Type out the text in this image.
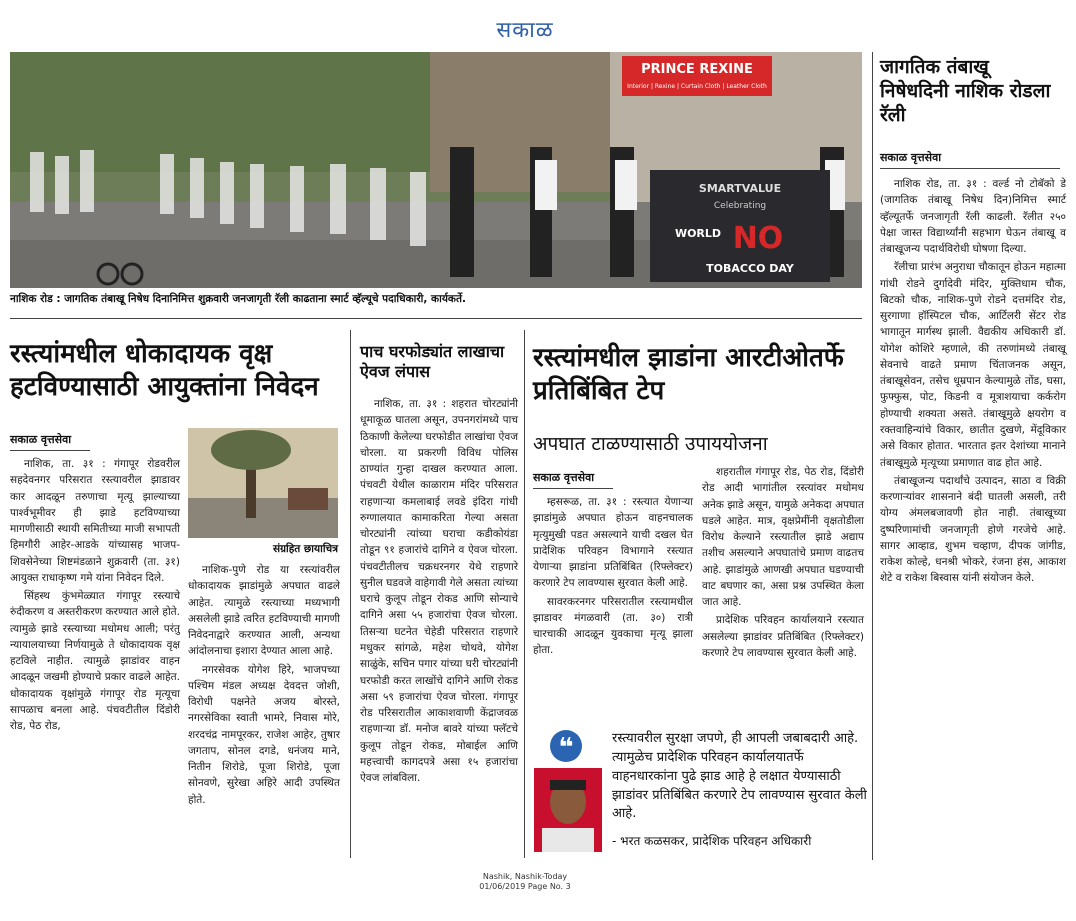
सकाळ
PRINCE REXINE
Interior | Rexine | Curtain Cloth | Leather Cloth
SMARTVALUE
Celebrating
WORLD NO
TOBACCO DAY
नाशिक रोड : जागतिक तंबाखू निषेध दिनानिमित्त शुक्रवारी जनजागृती रॅली काढताना स्मार्ट व्हॅल्यूचे पदाधिकारी, कार्यकर्ते.
रस्त्यांमधील धोकादायक वृक्ष हटविण्यासाठी आयुक्तांना निवेदन
सकाळ वृत्तसेवा

नाशिक, ता. ३१ : गंगापूर रोडवरील सहदेवनगर परिसरात रस्त्यावरील झाडावर कार आदळून तरुणाचा मृत्यू झाल्याच्या पार्श्वभूमीवर ही झाडे हटविण्याच्या मागणीसाठी स्थायी समितीच्या माजी सभापती हिमगौरी आहेर-आडके यांच्यासह भाजप-शिवसेनेच्या शिष्टमंडळाने शुक्रवारी (ता. ३१) आयुक्त राधाकृष्ण गमे यांना निवेदन दिले.

सिंहस्थ कुंभमेळ्यात गंगापूर रस्त्याचे रुंदीकरण व अस्तरीकरण करण्यात आले होते. त्यामुळे झाडे रस्त्याच्या मधोमध आली; परंतु न्यायालयाच्या निर्णयामुळे ते धोकादायक वृक्ष हटविले नाहीत. त्यामुळे झाडांवर वाहन आदळून जखमी होण्याचे प्रकार वाढले आहेत. धोकादायक वृक्षांमुळे गंगापूर रोड मृत्यूचा सापळाच बनला आहे. पंचवटीतील दिंडोरी रोड, पेठ रोड,

संग्रहित छायाचित्र

नाशिक-पुणे रोड या रस्त्यांवरील धोकादायक झाडांमुळे अपघात वाढले आहेत. त्यामुळे रस्त्याच्या मध्यभागी असलेली झाडे त्वरित हटविण्याची मागणी निवेदनाद्वारे करण्यात आली, अन्यथा आंदोलनाचा इशारा देण्यात आला आहे.

नगरसेवक योगेश हिरे, भाजपच्या पश्चिम मंडल अध्यक्ष देवदत्त जोशी, विरोधी पक्षनेते अजय बोरस्ते, नगरसेविका स्वाती भामरे, निवास मोरे, शरदचंद्र नामपूरकर, राजेश आहेर, तुषार जगताप, सोनल दगडे, धनंजय माने, नितीन शिरोडे, पूजा शिरोडे, पूजा सोनवणे, सुरेखा अहिरे आदी उपस्थित होते.

पाच घरफोड्यांत लाखाचा ऐवज लंपास

नाशिक, ता. ३१ : शहरात चोरट्यांनी धूमाकूळ घातला असून, उपनगरांमध्ये पाच ठिकाणी केलेल्या घरफोडीत लाखांचा ऐवज चोरला. या प्रकरणी विविध पोलिस ठाण्यांत गुन्हा दाखल करण्यात आला. पंचवटी येथील काळाराम मंदिर परिसरात राहणाऱ्या कमलाबाई लवडे इंदिरा गांधी रुग्णालयात कामाकरिता गेल्या असता चोरट्यांनी त्यांच्या घराचा कडीकोयंडा तोडून ९१ हजारांचे दागिने व ऐवज चोरला. पंचवटीतीलच चक्रधरनगर येथे राहणारे सुनील घडवजे वाहेगावी गेले असता त्यांच्या घराचे कुलूप तोडून रोकड आणि सोन्याचे दागिने असा ५५ हजारांचा ऐवज चोरला. तिसऱ्या घटनेत चेहेडी परिसरात राहणारे मधुकर सांगळे, महेश चोथवे, योगेश साळुंके, सचिन पगार यांच्या घरी चोरट्यांनी घरफोडी करत लाखोंचे दागिने आणि रोकड असा ५९ हजारांचा ऐवज चोरला. गंगापूर रोड परिसरातील आकाशवाणी केंद्राजवळ राहणाऱ्या डॉ. मनोज बावरे यांच्या फ्लॅटचे कुलूप तोडून रोकड, मोबाईल आणि महत्त्वाची कागदपत्रे असा १५ हजारांचा ऐवज लांबविला.

रस्त्यांमधील झाडांना आरटीओतर्फे प्रतिबिंबित टेप
अपघात टाळण्यासाठी उपाययोजना
सकाळ वृत्तसेवा

म्हसरूळ, ता. ३१ : रस्त्यात येणाऱ्या झाडांमुळे अपघात होऊन वाहनचालक मृत्युमुखी पडत असल्याने याची दखल घेत प्रादेशिक परिवहन विभागाने रस्त्यात येणाऱ्या झाडांना प्रतिबिंबित (रिफ्लेक्टर) करणारे टेप लावण्यास सुरवात केली आहे.

सावरकरनगर परिसरातील रस्त्यामधील झाडावर मंगळवारी (ता. ३०) रात्री चारचाकी आदळून युवकाचा मृत्यू झाला होता.

शहरातील गंगापूर रोड, पेठ रोड, दिंडोरी रोड आदी भागांतील रस्त्यांवर मधोमध अनेक झाडे असून, यामुळे अनेकदा अपघात घडले आहेत. मात्र, वृक्षप्रेमींनी वृक्षतोडीला विरोध केल्याने रस्त्यातील झाडे अद्याप तशीच असल्याने अपघातांचे प्रमाण वाढतच आहे. झाडांमुळे आणखी अपघात घडण्याची वाट बघणार का, असा प्रश्न उपस्थित केला जात आहे.

प्रादेशिक परिवहन कार्यालयाने रस्त्यात असलेल्या झाडांवर प्रतिबिंबित (रिफ्लेक्टर) करणारे टेप लावण्यास सुरवात केली आहे.

❝	रस्त्यावरील सुरक्षा जपणे, ही आपली जबाबदारी आहे. त्यामुळेच प्रादेशिक परिवहन कार्यालयातर्फे वाहनधारकांना पुढे झाड आहे हे लक्षात येण्यासाठी झाडांवर प्रतिबिंबित करणारे टेप लावण्यास सुरवात केली आहे.
- भरत कळसकर, प्रादेशिक परिवहन अधिकारी
जागतिक तंबाखू निषेधदिनी नाशिक रोडला रॅली
सकाळ वृत्तसेवा

नाशिक रोड, ता. ३१ : वर्ल्ड नो टोबॅको डे (जागतिक तंबाखू निषेध दिन)निमित्त स्मार्ट व्हॅल्यूतर्फे जनजागृती रॅली काढली. रॅलीत २५० पेक्षा जास्त विद्यार्थ्यांनी सहभाग घेऊन तंबाखू व तंबाखूजन्य पदार्थविरोधी घोषणा दिल्या.

रॅलीचा प्रारंभ अनुराधा चौकातून होऊन महात्मा गांधी रोडने दुर्गादेवी मंदिर, मुक्तिधाम चौक, बिटको चौक, नाशिक-पुणे रोडने दत्तमंदिर रोड, सुरगाणा हॉस्पिटल चौक, आर्टिलरी सेंटर रोड भागातून मार्गस्थ झाली. वैद्यकीय अधिकारी डॉ. योगेश कोशिरे म्हणाले, की तरुणांमध्ये तंबाखू सेवनाचे वाढते प्रमाण चिंताजनक असून, तंबाखूसेवन, तसेच धूम्रपान केल्यामुळे तोंड, घसा, फुफ्फुस, पोट, किडनी व मूत्राशयाचा कर्करोग होण्याची शक्यता असते. तंबाखूमुळे क्षयरोग व रक्तवाहिन्यांचे विकार, छातीत दुखणे, मेंदूविकार असे विकार होतात. भारतात इतर देशांच्या मानाने तंबाखूमुळे मृत्यूच्या प्रमाणात वाढ होत आहे.

तंबाखूजन्य पदार्थांचे उत्पादन, साठा व विक्री करणाऱ्यांवर शासनाने बंदी घातली असली, तरी योग्य अंमलबजावणी होत नाही. तंबाखूच्या दुष्परिणामांची जनजागृती होणे गरजेचे आहे. सागर आव्हाड, शुभम चव्हाण, दीपक जांगीड, राकेश कोल्हे, धनश्री भोकरे, रंजना हंस, आकाश शेटे व राकेश बिस्वास यांनी संयोजन केले.

Nashik, Nashik-Today
01/06/2019 Page No. 3
